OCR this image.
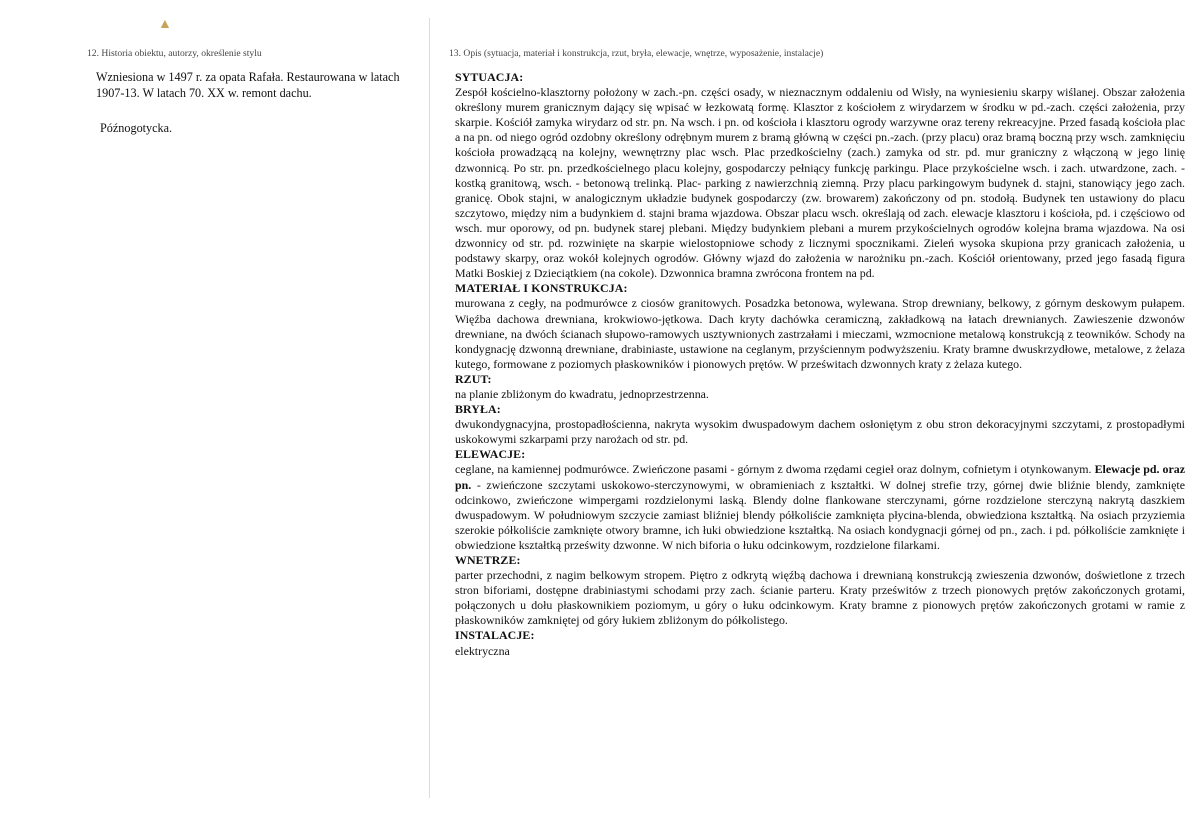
▲
12. Historia obiektu, autorzy, określenie stylu
Wzniesiona w 1497 r. za opata Rafała. Restaurowana w latach 1907-13. W latach 70. XX w. remont dachu.
Późnogotycka.
13. Opis (sytuacja, materiał i konstrukcja, rzut, bryła, elewacje, wnętrze, wyposażenie, instalacje)
SYTUACJA:
Zespół kościelno-klasztorny położony w zach.-pn. części osady, w nieznacznym oddaleniu od Wisły, na wyniesieniu skarpy wiślanej. Obszar założenia określony murem granicznym dający się wpisać w łezkowatą formę. Klasztor z kościołem z wirydarzem w środku w pd.-zach. części założenia, przy skarpie. Kościół zamyka wirydarz od str. pn. Na wsch. i pn. od kościoła i klasztoru ogrody warzywne oraz tereny rekreacyjne. Przed fasadą kościoła plac a na pn. od niego ogród ozdobny określony odrębnym murem z bramą główną w części pn.-zach. (przy placu) oraz bramą boczną przy wsch. zamknięciu kościoła prowadzącą na kolejny, wewnętrzny plac wsch. Plac przedkościelny (zach.) zamyka od str. pd. mur graniczny z włączoną w jego linię dzwonnicą. Po str. pn. przedkościelnego placu kolejny, gospodarczy pełniący funkcję parkingu. Place przykościelne wsch. i zach. utwardzone, zach. - kostką granitową, wsch. - betonową trelinką. Plac- parking z nawierzchnią ziemną. Przy placu parkingowym budynek d. stajni, stanowiący jego zach. granicę. Obok stajni, w analogicznym układzie budynek gospodarczy (zw. browarem) zakończony od pn. stodołą. Budynek ten ustawiony do placu szczytowo, między nim a budynkiem d. stajni brama wjazdowa. Obszar placu wsch. określają od zach. elewacje klasztoru i kościoła, pd. i częściowo od wsch. mur oporowy, od pn. budynek starej plebani. Między budynkiem plebani a murem przykościelnych ogrodów kolejna brama wjazdowa. Na osi dzwonnicy od str. pd. rozwinięte na skarpie wielostopniowe schody z licznymi spocznikami. Zieleń wysoka skupiona przy granicach założenia, u podstawy skarpy, oraz wokół kolejnych ogrodów. Główny wjazd do założenia w narożniku pn.-zach. Kościół orientowany, przed jego fasadą figura Matki Boskiej z Dzieciątkiem (na cokole). Dzwonnica bramna zwrócona frontem na pd.
MATERIAŁ I KONSTRUKCJA:
murowana z cegły, na podmurówce z ciosów granitowych. Posadzka betonowa, wylewana. Strop drewniany, belkowy, z górnym deskowym pułapem. Więźba dachowa drewniana, krokwiowo-jętkowa. Dach kryty dachówka ceramiczną, zakładkową na łatach drewnianych. Zawieszenie dzwonów drewniane, na dwóch ścianach słupowo-ramowych usztywnionych zastrzałami i mieczami, wzmocnione metalową konstrukcją z teowników. Schody na kondygnację dzwonną drewniane, drabiniaste, ustawione na ceglanym, przyściennym podwyższeniu. Kraty bramne dwuskrzydłowe, metalowe, z żelaza kutego, formowane z poziomych płaskowników i pionowych prętów. W prześwitach dzwonnych kraty z żelaza kutego.
RZUT:
na planie zbliżonym do kwadratu, jednoprzestrzenna.
BRYŁA:
dwukondygnacyjna, prostopadłościenna, nakryta wysokim dwuspadowym dachem osłoniętym z obu stron dekoracyjnymi szczytami, z prostopadłymi uskokowymi szkarpami przy narożach od str. pd.
ELEWACJE:
ceglane, na kamiennej podmurówce. Zwieńczone pasami - górnym z dwoma rzędami cegieł oraz dolnym, cofnietym i otynkowanym. Elewacje pd. oraz pn. - zwieńczone szczytami uskokowo-sterczynowymi, w obramieniach z kształtki. W dolnej strefie trzy, górnej dwie bliźnie blendy, zamknięte odcinkowo, zwieńczone wimpergami rozdzielonymi laską. Blendy dolne flankowane sterczynami, górne rozdzielone sterczyną nakrytą daszkiem dwuspadowym. W południowym szczycie zamiast bliźniej blendy półkoliście zamknięta płycina-blenda, obwiedziona kształtką. Na osiach przyziemia szerokie półkoliście zamknięte otwory bramne, ich łuki obwiedzione kształtką. Na osiach kondygnacji górnej od pn., zach. i pd. półkoliście zamknięte i obwiedzione kształtką prześwity dzwonne. W nich biforia o łuku odcinkowym, rozdzielone filarkami.
WNETRZE:
parter przechodni, z nagim belkowym stropem. Piętro z odkrytą więźbą dachowa i drewnianą konstrukcją zwieszenia dzwonów, doświetlone z trzech stron biforiami, dostępne drabiniastymi schodami przy zach. ścianie parteru. Kraty prześwitów z trzech pionowych prętów zakończonych grotami, połączonych u dołu płaskownikiem poziomym, u góry o łuku odcinkowym. Kraty bramne z pionowych prętów zakończonych grotami w ramie z płaskowników zamkniętej od góry łukiem zbliżonym do półkolistego.
INSTALACJE:
elektryczna
